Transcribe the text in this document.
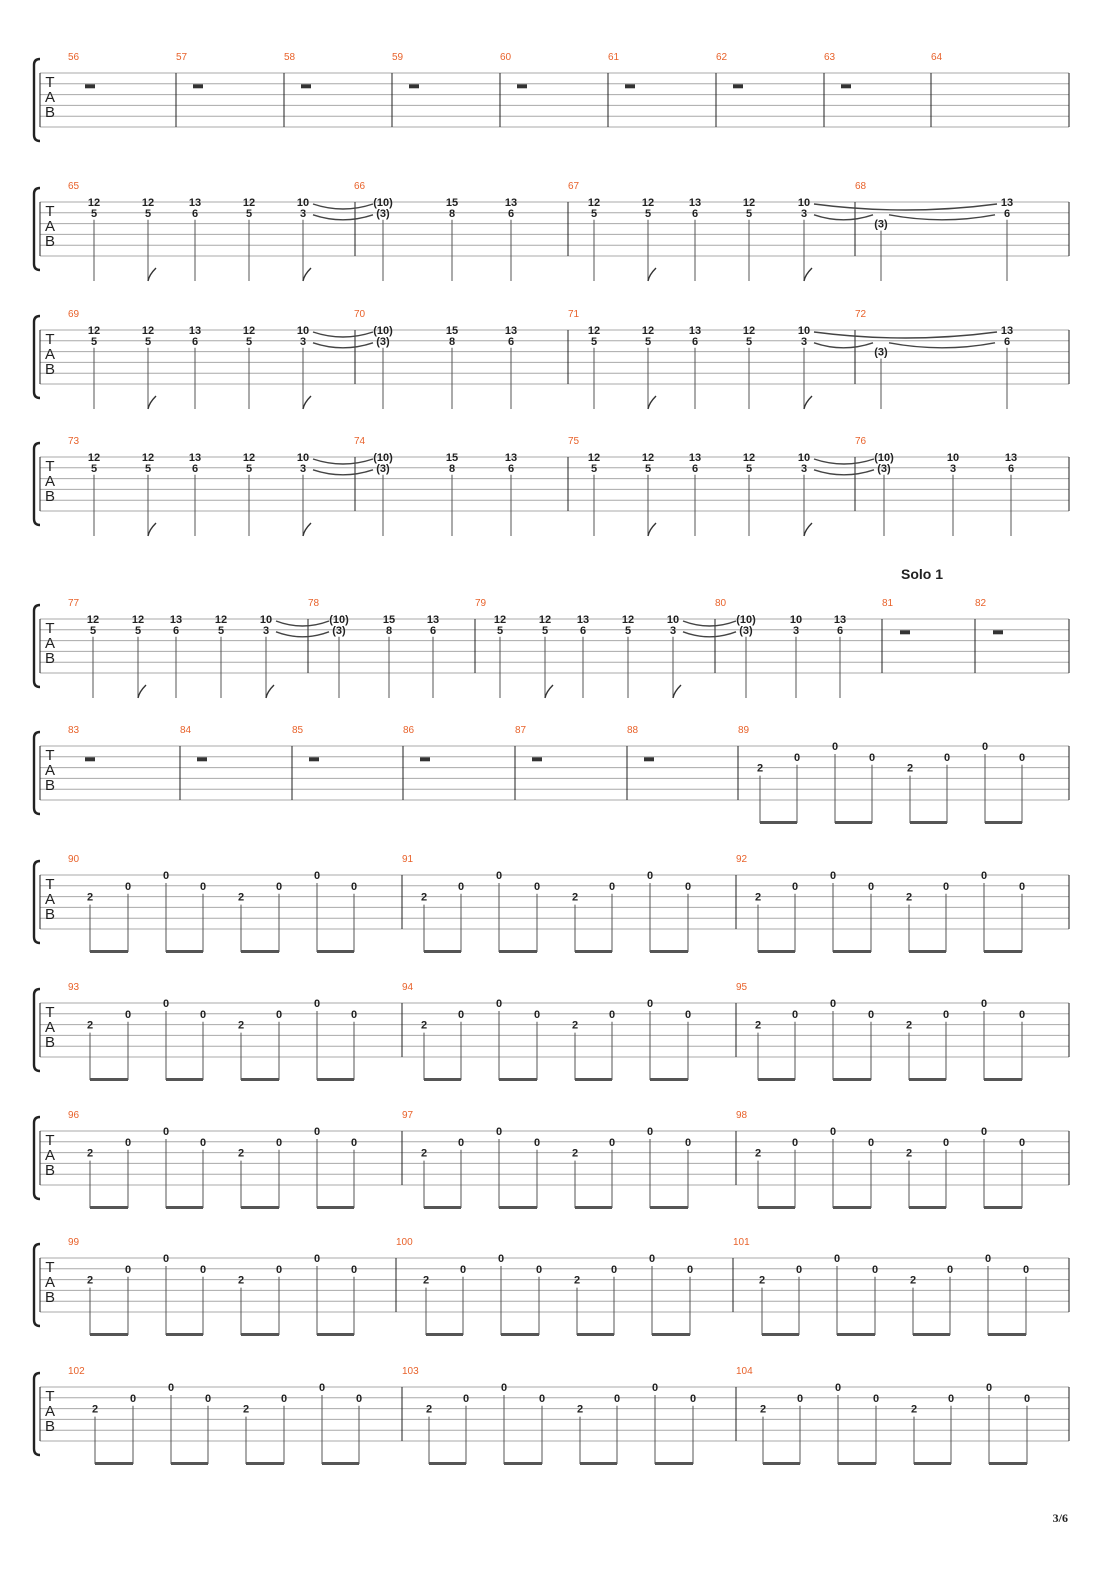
T
A
B
56	57	58	59	60	61	62	63	64
T
A
B
65	66	67	68
12
5
12
5
13
6
12
5
10
3
(10)
(3)
15
8
13
6
12
5
12
5
13
6
12
5
10
3
(3)
13
6
T
A
B
69	70	71	72
12
5
12
5
13
6
12
5
10
3
(10)
(3)
15
8
13
6
12
5
12
5
13
6
12
5
10
3
(3)
13
6
T
A
B
73	74	75	76
12
5
12
5
13
6
12
5
10
3
(10)
(3)
15
8
13
6
12
5
12
5
13
6
12
5
10
3
(10)
(3)
10
3
13
6
T
A
B
Solo 1
77	78	79	80	81	82
12
5
12
5
13
6
12
5
10
3
(10)
(3)
15
8
13
6
12
5
12
5
13
6
12
5
10
3
(10)
(3)
10
3
13
6
T
A
B
83	84	85	86	87	88	89
2
0
0
0
2
0
0
0
T
A
B
90	91	92
2
0
0
0
2
0
0
0
2
0
0
0
2
0
0
0
2
0
0
0
2
0
0
0
T
A
B
93	94	95
2
0
0
0
2
0
0
0
2
0
0
0
2
0
0
0
2
0
0
0
2
0
0
0
T
A
B
96	97	98
2
0
0
0
2
0
0
0
2
0
0
0
2
0
0
0
2
0
0
0
2
0
0
0
T
A
B
99	100	101
2
0
0
0
2
0
0
0
2
0
0
0
2
0
0
0
2
0
0
0
2
0
0
0
T
A
B
102	103	104
2
0
0
0
2
0
0
0
2
0
0
0
2
0
0
0
2
0
0
0
2
0
0
0
3/6
